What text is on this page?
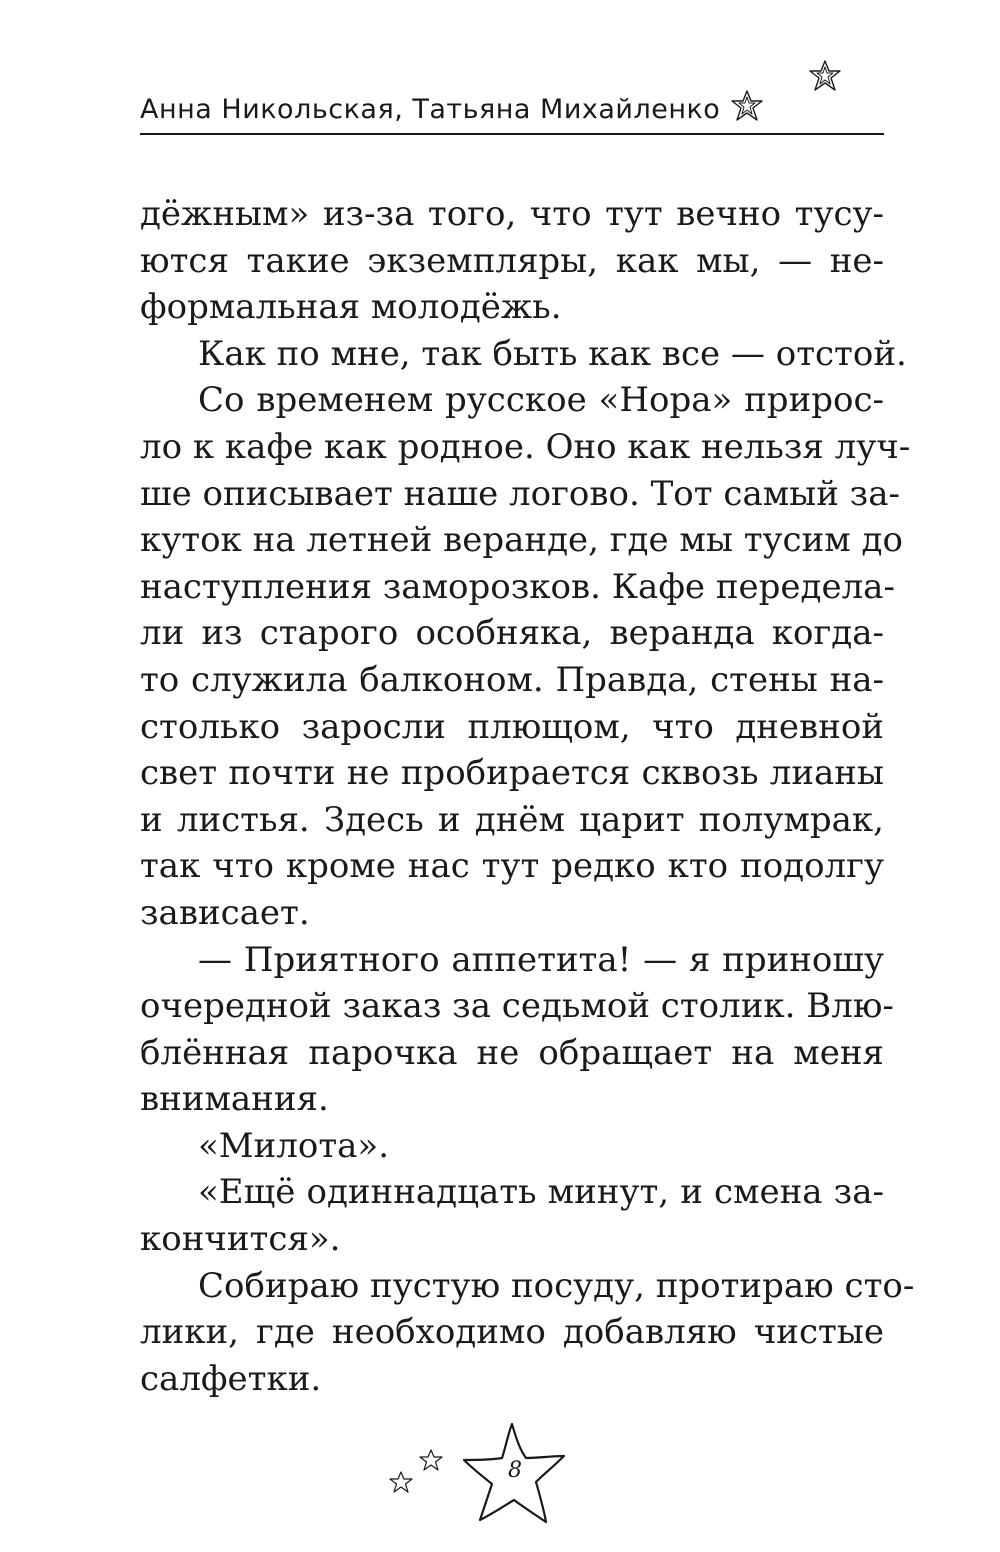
Анна Никольская, Татьяна Михайленко
дёжным» из-за того, что тут вечно тусу-
ются такие экземпляры, как мы, — не-
формальная молодёжь.
Как по мне, так быть как все — отстой.
Со временем русское «Нора» прирос-
ло к кафе как родное. Оно как нельзя луч-
ше описывает наше логово. Тот самый за-
куток на летней веранде, где мы тусим до
наступления заморозков. Кафе передела-
ли из старого особняка, веранда когда-
то служила балконом. Правда, стены на-
столько заросли плющом, что дневной
свет почти не пробирается сквозь лианы
и листья. Здесь и днём царит полумрак,
так что кроме нас тут редко кто подолгу
зависает.
— Приятного аппетита! — я приношу
очередной заказ за седьмой столик. Влю-
блённая парочка не обращает на меня
внимания.
«Милота».
«Ещё одиннадцать минут, и смена за-
кончится».
Собираю пустую посуду, протираю сто-
лики, где необходимо добавляю чистые
салфетки.
8
